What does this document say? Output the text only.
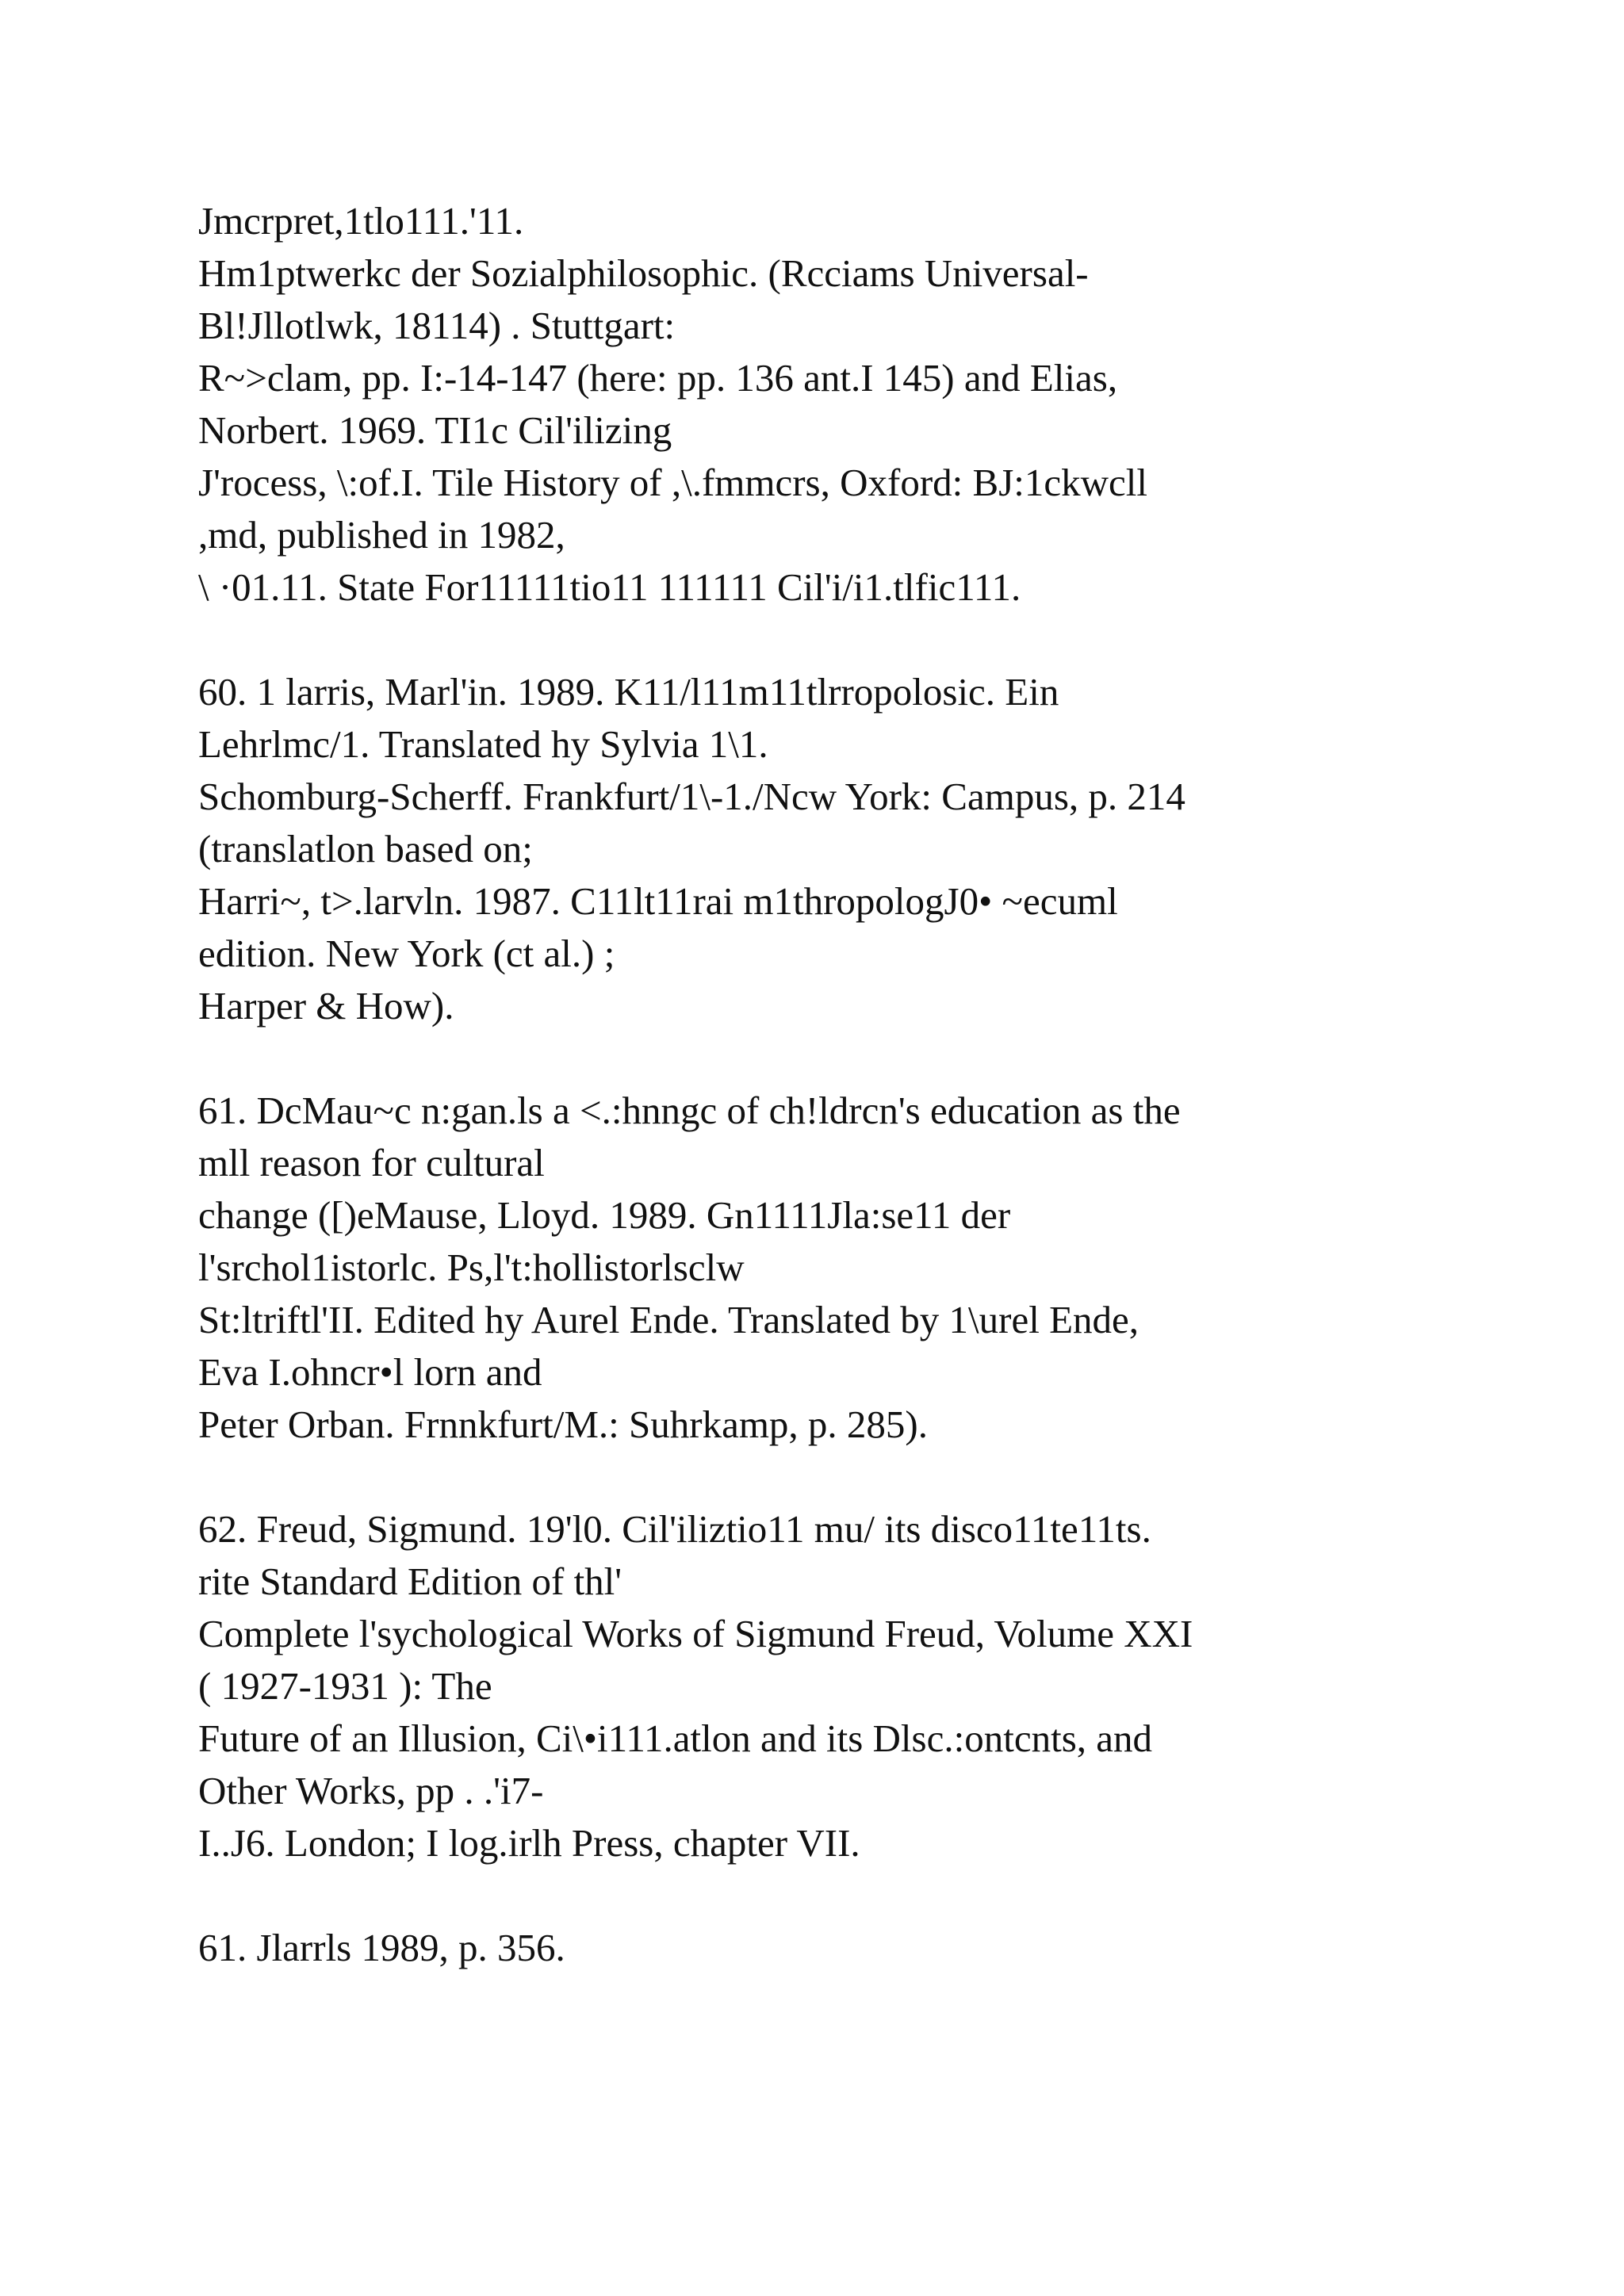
Jmcrpret,1tlo111.'11.
Hm1ptwerkc der Sozialphilosophic. (Rcciams Universal-
Bl!Jllotlwk, 18114) . Stuttgart:
R~>clam, pp. I:-14-147 (here: pp. 136 ant.I 145) and Elias,
Norbert. 1969. TI1c Cil'ilizing
J'rocess, \:of.I. Tile History of ,\.fmmcrs, Oxford: BJ:1ckwcll
,md, published in 1982,
\ ·01.11. State For11111tio11 111111 Cil'i/i1.tlfic111.
60. 1 larris, Marl'in. 1989. K11/l11m11tlrropolosic. Ein
Lehrlmc/1. Translated hy Sylvia 1\1.
Schomburg-Scherff. Frankfurt/1\-1./Ncw York: Campus, p. 214
(translatlon based on;
Harri~, t>.larvln. 1987. C11lt11rai m1thropologJ0• ~ecuml
edition. New York (ct al.) ;
Harper & How).
61. DcMau~c n:gan.ls a <.:hnngc of ch!ldrcn's education as the
mll reason for cultural
change ([)eMause, Lloyd. 1989. Gn1111Jla:se11 der
l'srchol1istorlc. Ps,l't:hollistorlsclw
St:ltriftl'II. Edited hy Aurel Ende. Translated by 1\urel Ende,
Eva I.ohncr•l lorn and
Peter Orban. Frnnkfurt/M.: Suhrkamp, p. 285).
62. Freud, Sigmund. 19'l0. Cil'iliztio11 mu/ its disco11te11ts.
rite Standard Edition of thl'
Complete l'sychological Works of Sigmund Freud, Volume XXI
( 1927-1931 ): The
Future of an Illusion, Ci\•i111.atlon and its Dlsc.:ontcnts, and
Other Works, pp . .'i7-
I..J6. London; I log.irlh Press, chapter VII.
61. Jlarrls 1989, p. 356.
